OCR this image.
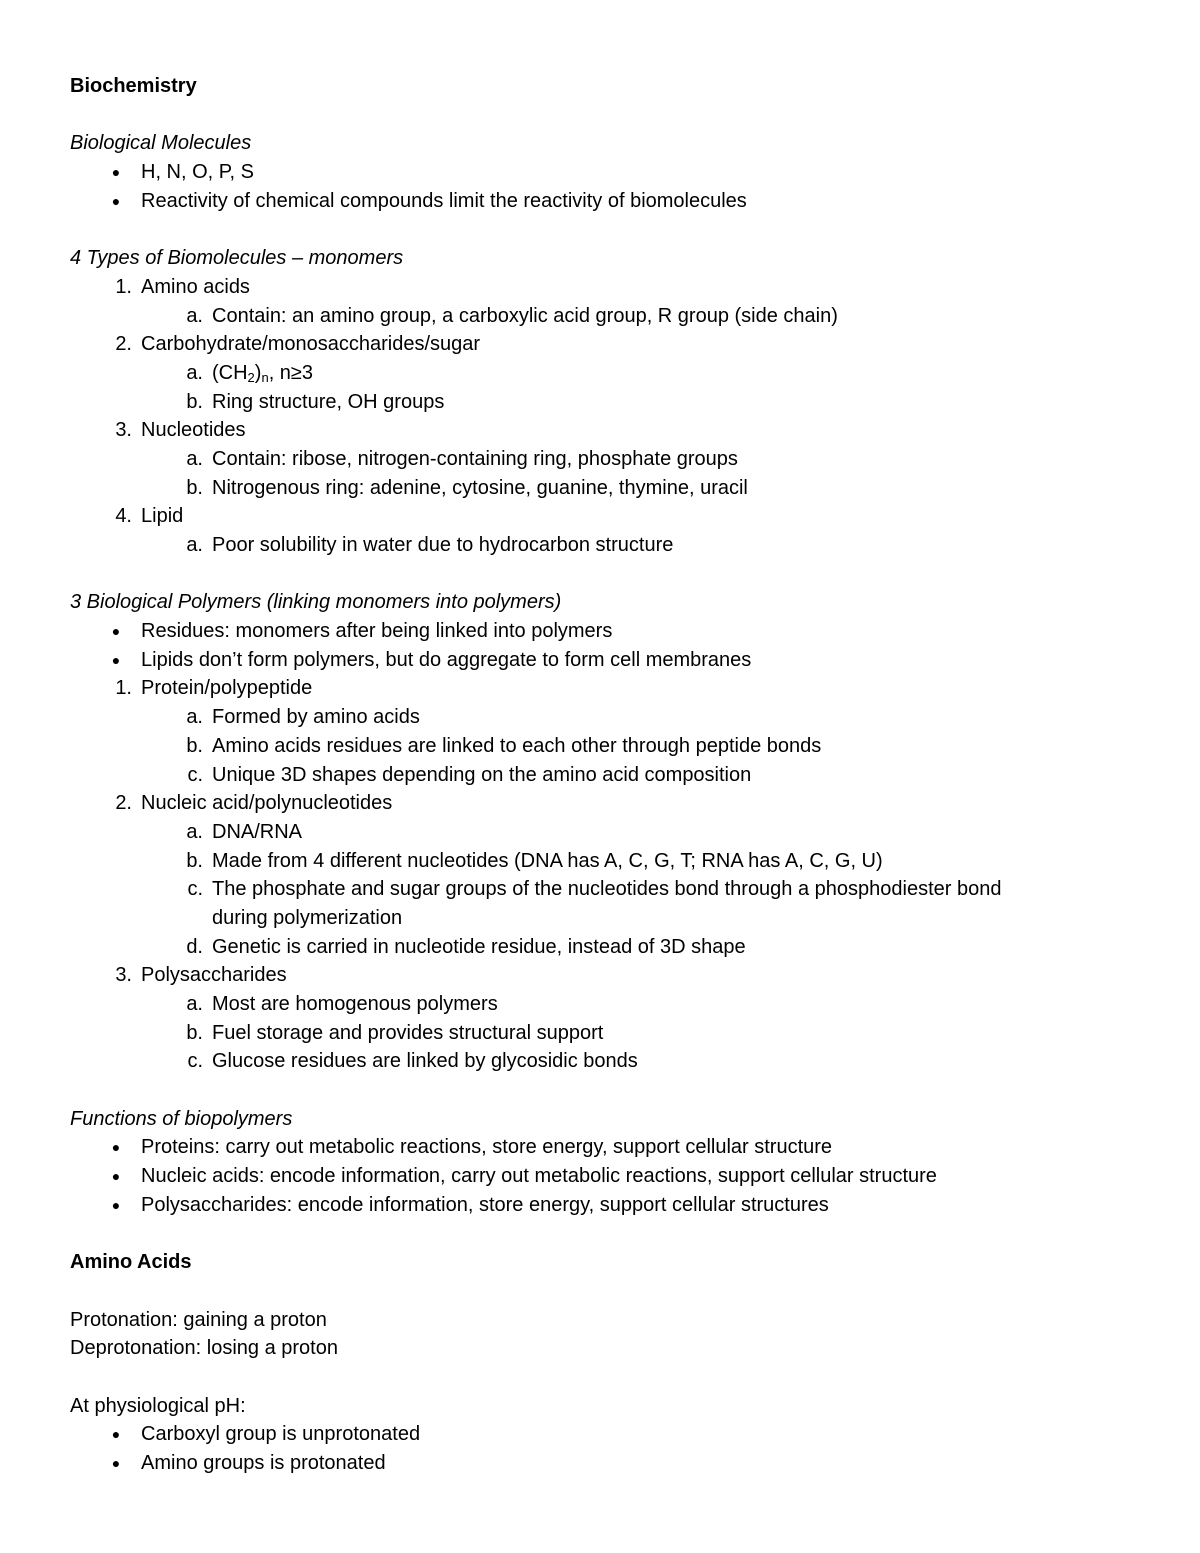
Biochemistry
Biological Molecules
● H, N, O, P, S
● Reactivity of chemical compounds limit the reactivity of biomolecules
4 Types of Biomolecules – monomers
1. Amino acids
a. Contain: an amino group, a carboxylic acid group, R group (side chain)
2. Carbohydrate/monosaccharides/sugar
a. $(CH_2)_n$, n≥3
b. Ring structure, OH groups
3. Nucleotides
a. Contain: ribose, nitrogen-containing ring, phosphate groups
b. Nitrogenous ring: adenine, cytosine, guanine, thymine, uracil
4. Lipid
a. Poor solubility in water due to hydrocarbon structure
3 Biological Polymers (linking monomers into polymers)
● Residues: monomers after being linked into polymers
● Lipids don’t form polymers, but do aggregate to form cell membranes
1. Protein/polypeptide
a. Formed by amino acids
b. Amino acids residues are linked to each other through peptide bonds
c. Unique 3D shapes depending on the amino acid composition
2. Nucleic acid/polynucleotides
a. DNA/RNA
b. Made from 4 different nucleotides (DNA has A, C, G, T; RNA has A, C, G, U)
c. The phosphate and sugar groups of the nucleotides bond through a phosphodiester bond
during polymerization
d. Genetic is carried in nucleotide residue, instead of 3D shape
3. Polysaccharides
a. Most are homogenous polymers
b. Fuel storage and provides structural support
c. Glucose residues are linked by glycosidic bonds
Functions of biopolymers
● Proteins: carry out metabolic reactions, store energy, support cellular structure
● Nucleic acids: encode information, carry out metabolic reactions, support cellular structure
● Polysaccharides: encode information, store energy, support cellular structures
Amino Acids
Protonation: gaining a proton
Deprotonation: losing a proton
At physiological pH:
● Carboxyl group is unprotonated
● Amino groups is protonated
